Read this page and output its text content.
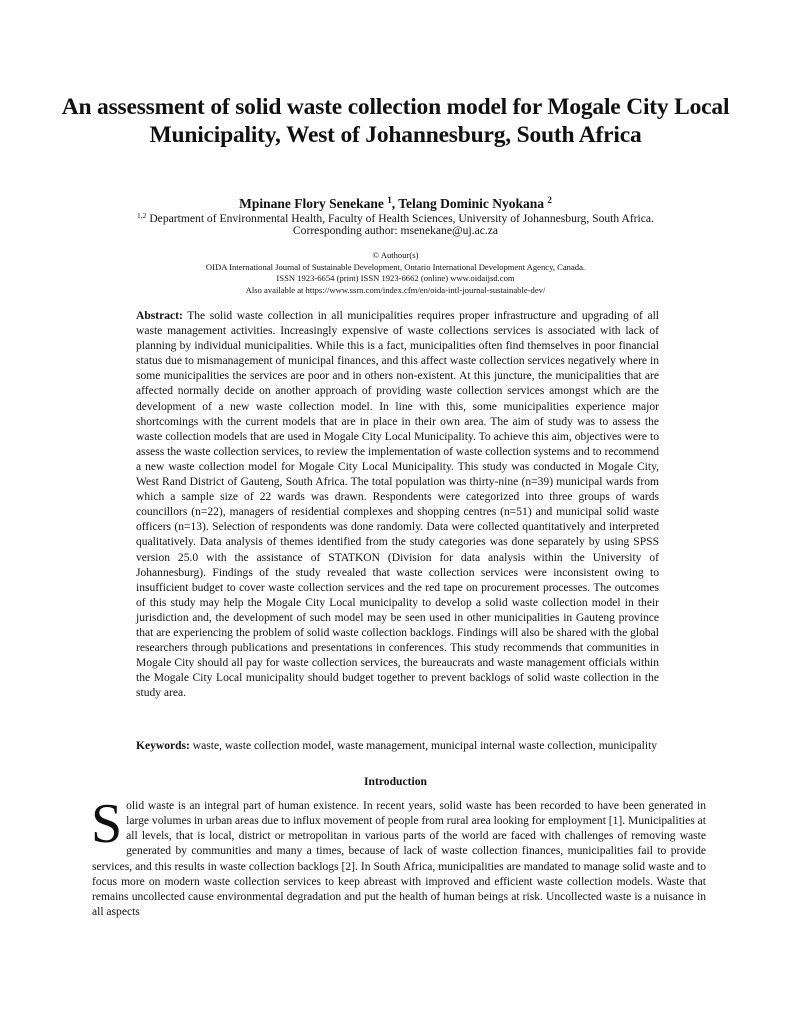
An assessment of solid waste collection model for Mogale City Local Municipality, West of Johannesburg, South Africa
Mpinane Flory Senekane $^1$, Telang Dominic Nyokana $^2$
$^{1,2}$ Department of Environmental Health, Faculty of Health Sciences, University of Johannesburg, South Africa.
Corresponding author: msenekane@uj.ac.za
© Authour(s)
OIDA International Journal of Sustainable Development, Ontario International Development Agency, Canada.
ISSN 1923-6654 (print) ISSN 1923-6662 (online) www.oidaijsd.com
Also available at https://www.ssrn.com/index.cfm/en/oida-intl-journal-sustainable-dev/
Abstract: The solid waste collection in all municipalities requires proper infrastructure and upgrading of all waste management activities. Increasingly expensive of waste collections services is associated with lack of planning by individual municipalities. While this is a fact, municipalities often find themselves in poor financial status due to mismanagement of municipal finances, and this affect waste collection services negatively where in some municipalities the services are poor and in others non-existent. At this juncture, the municipalities that are affected normally decide on another approach of providing waste collection services amongst which are the development of a new waste collection model. In line with this, some municipalities experience major shortcomings with the current models that are in place in their own area. The aim of study was to assess the waste collection models that are used in Mogale City Local Municipality. To achieve this aim, objectives were to assess the waste collection services, to review the implementation of waste collection systems and to recommend a new waste collection model for Mogale City Local Municipality. This study was conducted in Mogale City, West Rand District of Gauteng, South Africa. The total population was thirty-nine (n=39) municipal wards from which a sample size of 22 wards was drawn. Respondents were categorized into three groups of wards councillors (n=22), managers of residential complexes and shopping centres (n=51) and municipal solid waste officers (n=13). Selection of respondents was done randomly. Data were collected quantitatively and interpreted qualitatively. Data analysis of themes identified from the study categories was done separately by using SPSS version 25.0 with the assistance of STATKON (Division for data analysis within the University of Johannesburg). Findings of the study revealed that waste collection services were inconsistent owing to insufficient budget to cover waste collection services and the red tape on procurement processes. The outcomes of this study may help the Mogale City Local municipality to develop a solid waste collection model in their jurisdiction and, the development of such model may be seen used in other municipalities in Gauteng province that are experiencing the problem of solid waste collection backlogs. Findings will also be shared with the global researchers through publications and presentations in conferences. This study recommends that communities in Mogale City should all pay for waste collection services, the bureaucrats and waste management officials within the Mogale City Local municipality should budget together to prevent backlogs of solid waste collection in the study area.
Keywords: waste, waste collection model, waste management, municipal internal waste collection, municipality
Introduction
Solid waste is an integral part of human existence. In recent years, solid waste has been recorded to have been generated in large volumes in urban areas due to influx movement of people from rural area looking for employment [1]. Municipalities at all levels, that is local, district or metropolitan in various parts of the world are faced with challenges of removing waste generated by communities and many a times, because of lack of waste collection finances, municipalities fail to provide services, and this results in waste collection backlogs [2]. In South Africa, municipalities are mandated to manage solid waste and to focus more on modern waste collection services to keep abreast with improved and efficient waste collection models. Waste that remains uncollected cause environmental degradation and put the health of human beings at risk. Uncollected waste is a nuisance in all aspects
